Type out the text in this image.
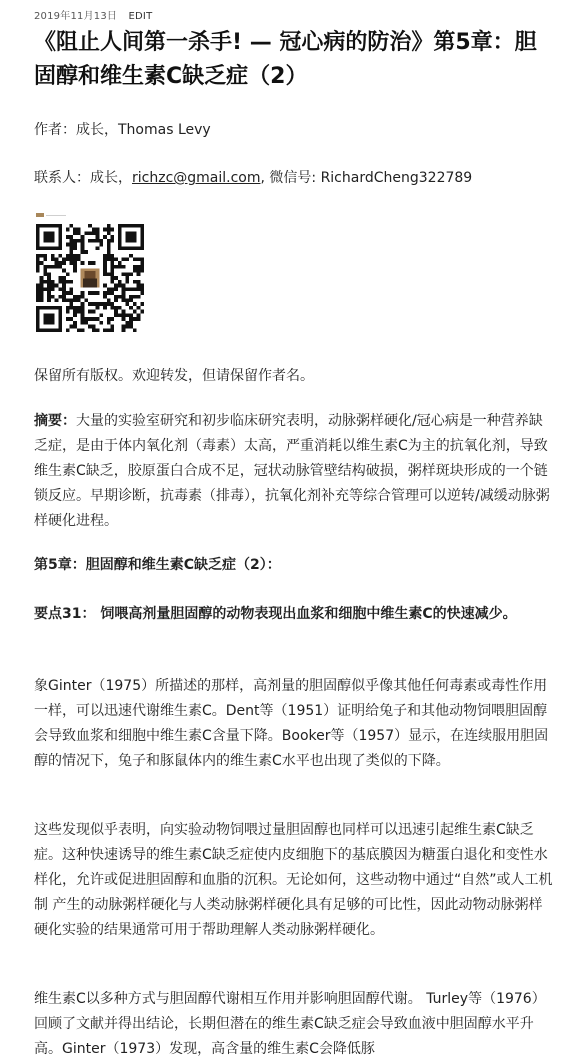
2019年11月13日 EDIT
《阻止人间第一杀手! — 冠心病的防治》第5章：胆固醇和维生素C缺乏症（2）

作者：成长，Thomas Levy

联系人：成长，richzc@gmail.com, 微信号: RichardCheng322789

保留所有版权。欢迎转发，但请保留作者名。

摘要：大量的实验室研究和初步临床研究表明，动脉粥样硬化/冠心病是一种营养缺乏症，是由于体内氧化剂（毒素）太高，严重消耗以维生素C为主的抗氧化剂，导致维生素C缺乏，胶原蛋白合成不足，冠状动脉管壁结构破损，粥样斑块形成的一个链锁反应。早期诊断，抗毒素（排毒），抗氧化剂补充等综合管理可以逆转/减缓动脉粥样硬化进程。

第5章：胆固醇和维生素C缺乏症（2）：

要点31： 饲喂高剂量胆固醇的动物表现出血浆和细胞中维生素C的快速减少。

象Ginter（1975）所描述的那样，高剂量的胆固醇似乎像其他任何毒素或毒性作用一样，可以迅速代谢维生素C。Dent等（1951）证明给兔子和其他动物饲喂胆固醇会导致血浆和细胞中维生素C含量下降。Booker等（1957）显示，在连续服用胆固醇的情况下，兔子和豚鼠体内的维生素C水平也出现了类似的下降。

这些发现似乎表明，向实验动物饲喂过量胆固醇也同样可以迅速引起维生素C缺乏症。这种快速诱导的维生素C缺乏症使内皮细胞下的基底膜因为糖蛋白退化和变性水样化，允许或促进胆固醇和血脂的沉积。无论如何，这些动物中通过“自然”或人工机制 产生的动脉粥样硬化与人类动脉粥样硬化具有足够的可比性，因此动物动脉粥样硬化实验的结果通常可用于帮助理解人类动脉粥样硬化。

维生素C以多种方式与胆固醇代谢相互作用并影响胆固醇代谢。 Turley等（1976）回顾了文献并得出结论，长期但潜在的维生素C缺乏症会导致血液中胆固醇水平升高。Ginter（1973）发现，高含量的维生素C会降低豚
